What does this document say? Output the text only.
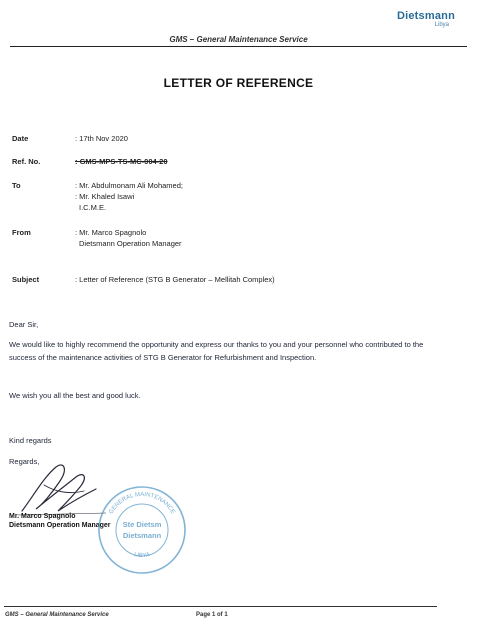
Dietsmann
Libya
GMS – General Maintenance Service
LETTER OF REFERENCE
Date	: 17th Nov 2020
Ref. No.	: GMS-MPS-TS-MC-004-20
To	: Mr. Abdulmonam Ali Mohamed;
: Mr. Khaled Isawi
I.C.M.E.
From	: Mr. Marco Spagnolo
Dietsmann Operation Manager
Subject	: Letter of Reference (STG B Generator – Mellitah Complex)
Dear Sir,
We would like to highly recommend the opportunity and express our thanks to you and your personnel who contributed to the success of the maintenance activities of STG B Generator for Refurbishment and Inspection.
We wish you all the best and good luck.
Kind regards
Regards,
Mr. Marco Spagnolo
Dietsmann Operation Manager
GENERAL MAINTENANCE
Ste Dietsm
Dietsmann
LIBYA
GMS – General Maintenance Service	Page 1 of 1
